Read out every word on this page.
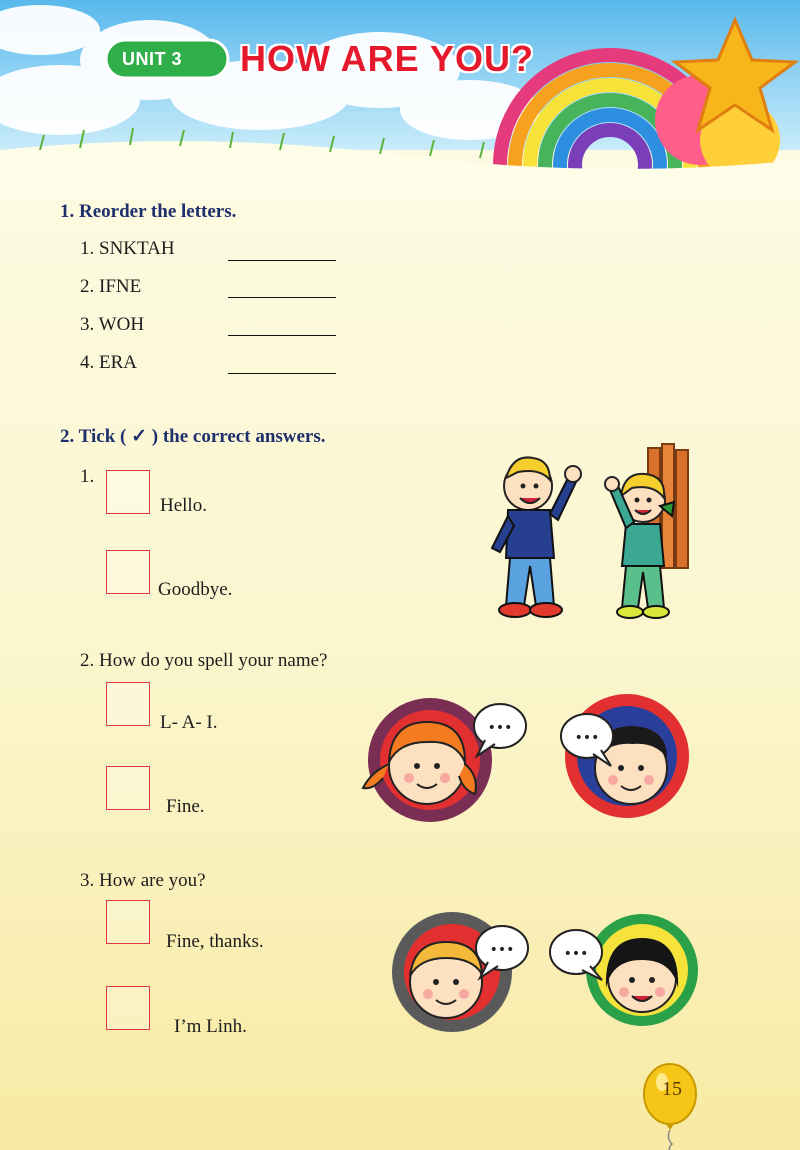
UNIT 3 HOW ARE YOU?
1. Reorder the letters.
1. SNKTAH
2. IFNE
3. WOH
4. ERA
2. Tick ( ✓ ) the correct answers.
1.
Hello.
Goodbye.
2. How do you spell your name?
L- A- I.
Fine.
•••
•••
3. How are you?
Fine, thanks.
I’m Linh.
•••	•••
15
